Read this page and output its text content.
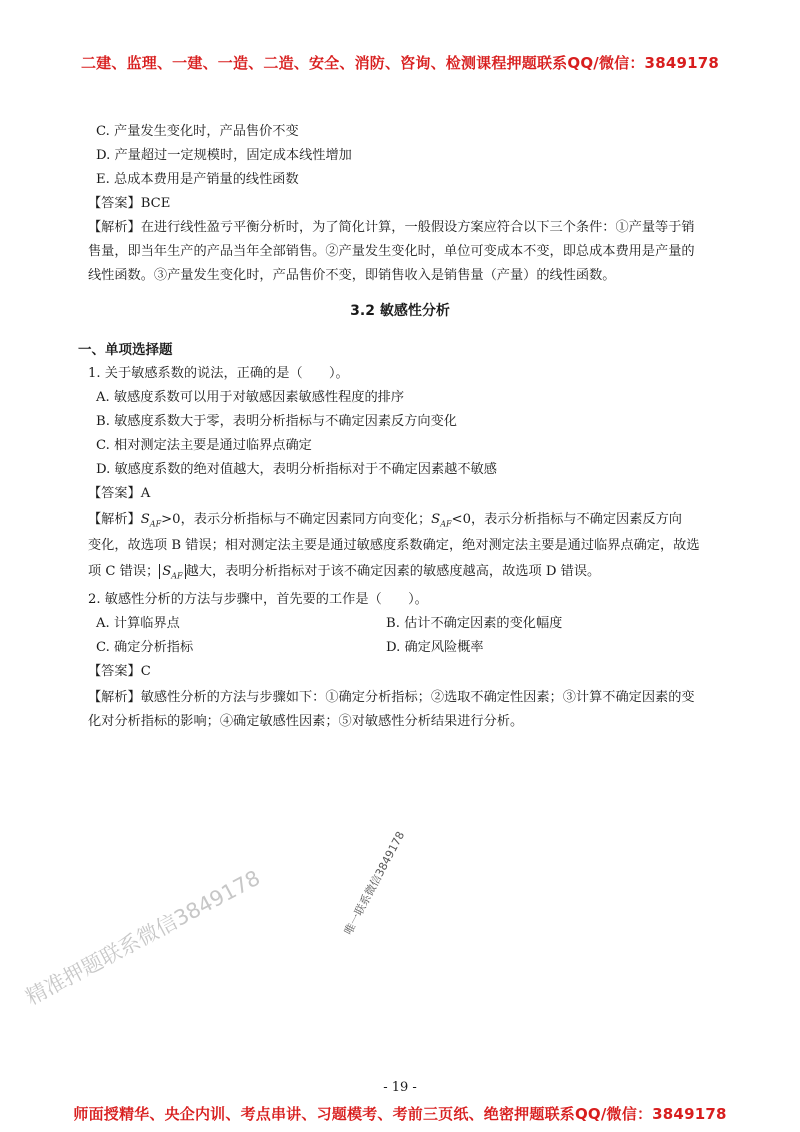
二建、监理、一建、一造、二造、安全、消防、咨询、检测课程押题联系QQ/微信：3849178
C. 产量发生变化时，产品售价不变
D. 产量超过一定规模时，固定成本线性增加
E. 总成本费用是产销量的线性函数
【答案】BCE
【解析】在进行线性盈亏平衡分析时，为了简化计算，一般假设方案应符合以下三个条件：①产量等于销
售量，即当年生产的产品当年全部销售。②产量发生变化时，单位可变成本不变，即总成本费用是产量的
线性函数。③产量发生变化时，产品售价不变，即销售收入是销售量（产量）的线性函数。
3.2 敏感性分析
一、单项选择题
1. 关于敏感系数的说法，正确的是（　　）。
A. 敏感度系数可以用于对敏感因素敏感性程度的排序
B. 敏感度系数大于零，表明分析指标与不确定因素反方向变化
C. 相对测定法主要是通过临界点确定
D. 敏感度系数的绝对值越大，表明分析指标对于不确定因素越不敏感
【答案】A
【解析】$S_{AF}>0$，表示分析指标与不确定因素同方向变化；$S_{AF}<0$，表示分析指标与不确定因素反方向
变化，故选项 B 错误；相对测定法主要是通过敏感度系数确定，绝对测定法主要是通过临界点确定，故选
项 C 错误； $S_{AF}$ 越大，表明分析指标对于该不确定因素的敏感度越高，故选项 D 错误。
2. 敏感性分析的方法与步骤中，首先要的工作是（　　）。
A. 计算临界点	B. 估计不确定因素的变化幅度
C. 确定分析指标	D. 确定风险概率
【答案】C
【解析】敏感性分析的方法与步骤如下：①确定分析指标；②选取不确定性因素；③计算不确定因素的变
化对分析指标的影响；④确定敏感性因素；⑤对敏感性分析结果进行分析。
精准押题联系微信3849178	唯一联系微信3849178
- 19 -
师面授精华、央企内训、考点串讲、习题模考、考前三页纸、绝密押题联系QQ/微信：3849178
